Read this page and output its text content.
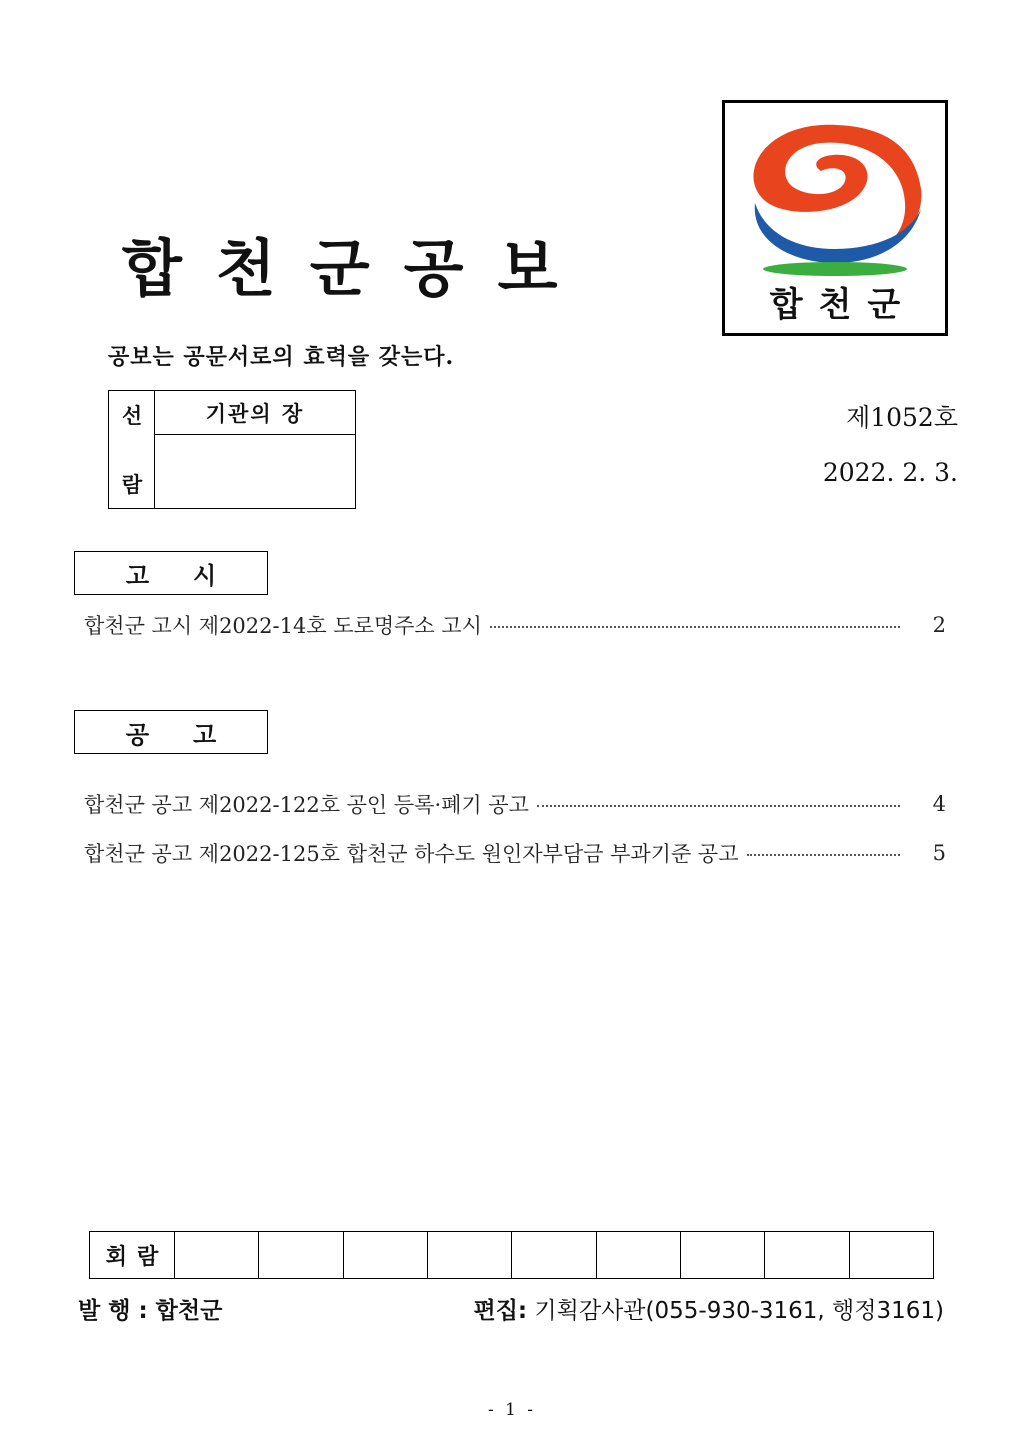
합천군공보
공보는 공문서로의 효력을 갖는다.
합천군
선
람
기관의 장	제1052호
2022. 2. 3.
고시
합천군 고시 제2022-14호 도로명주소 고시	2
공고
합천군 공고 제2022-122호 공인 등록·폐기 공고	4
합천군 공고 제2022-125호 합천군 하수도 원인자부담금 부과기준 공고	5
회람
발 행 : 합천군	편집: 기획감사관(055-930-3161, 행정3161)
- 1 -
